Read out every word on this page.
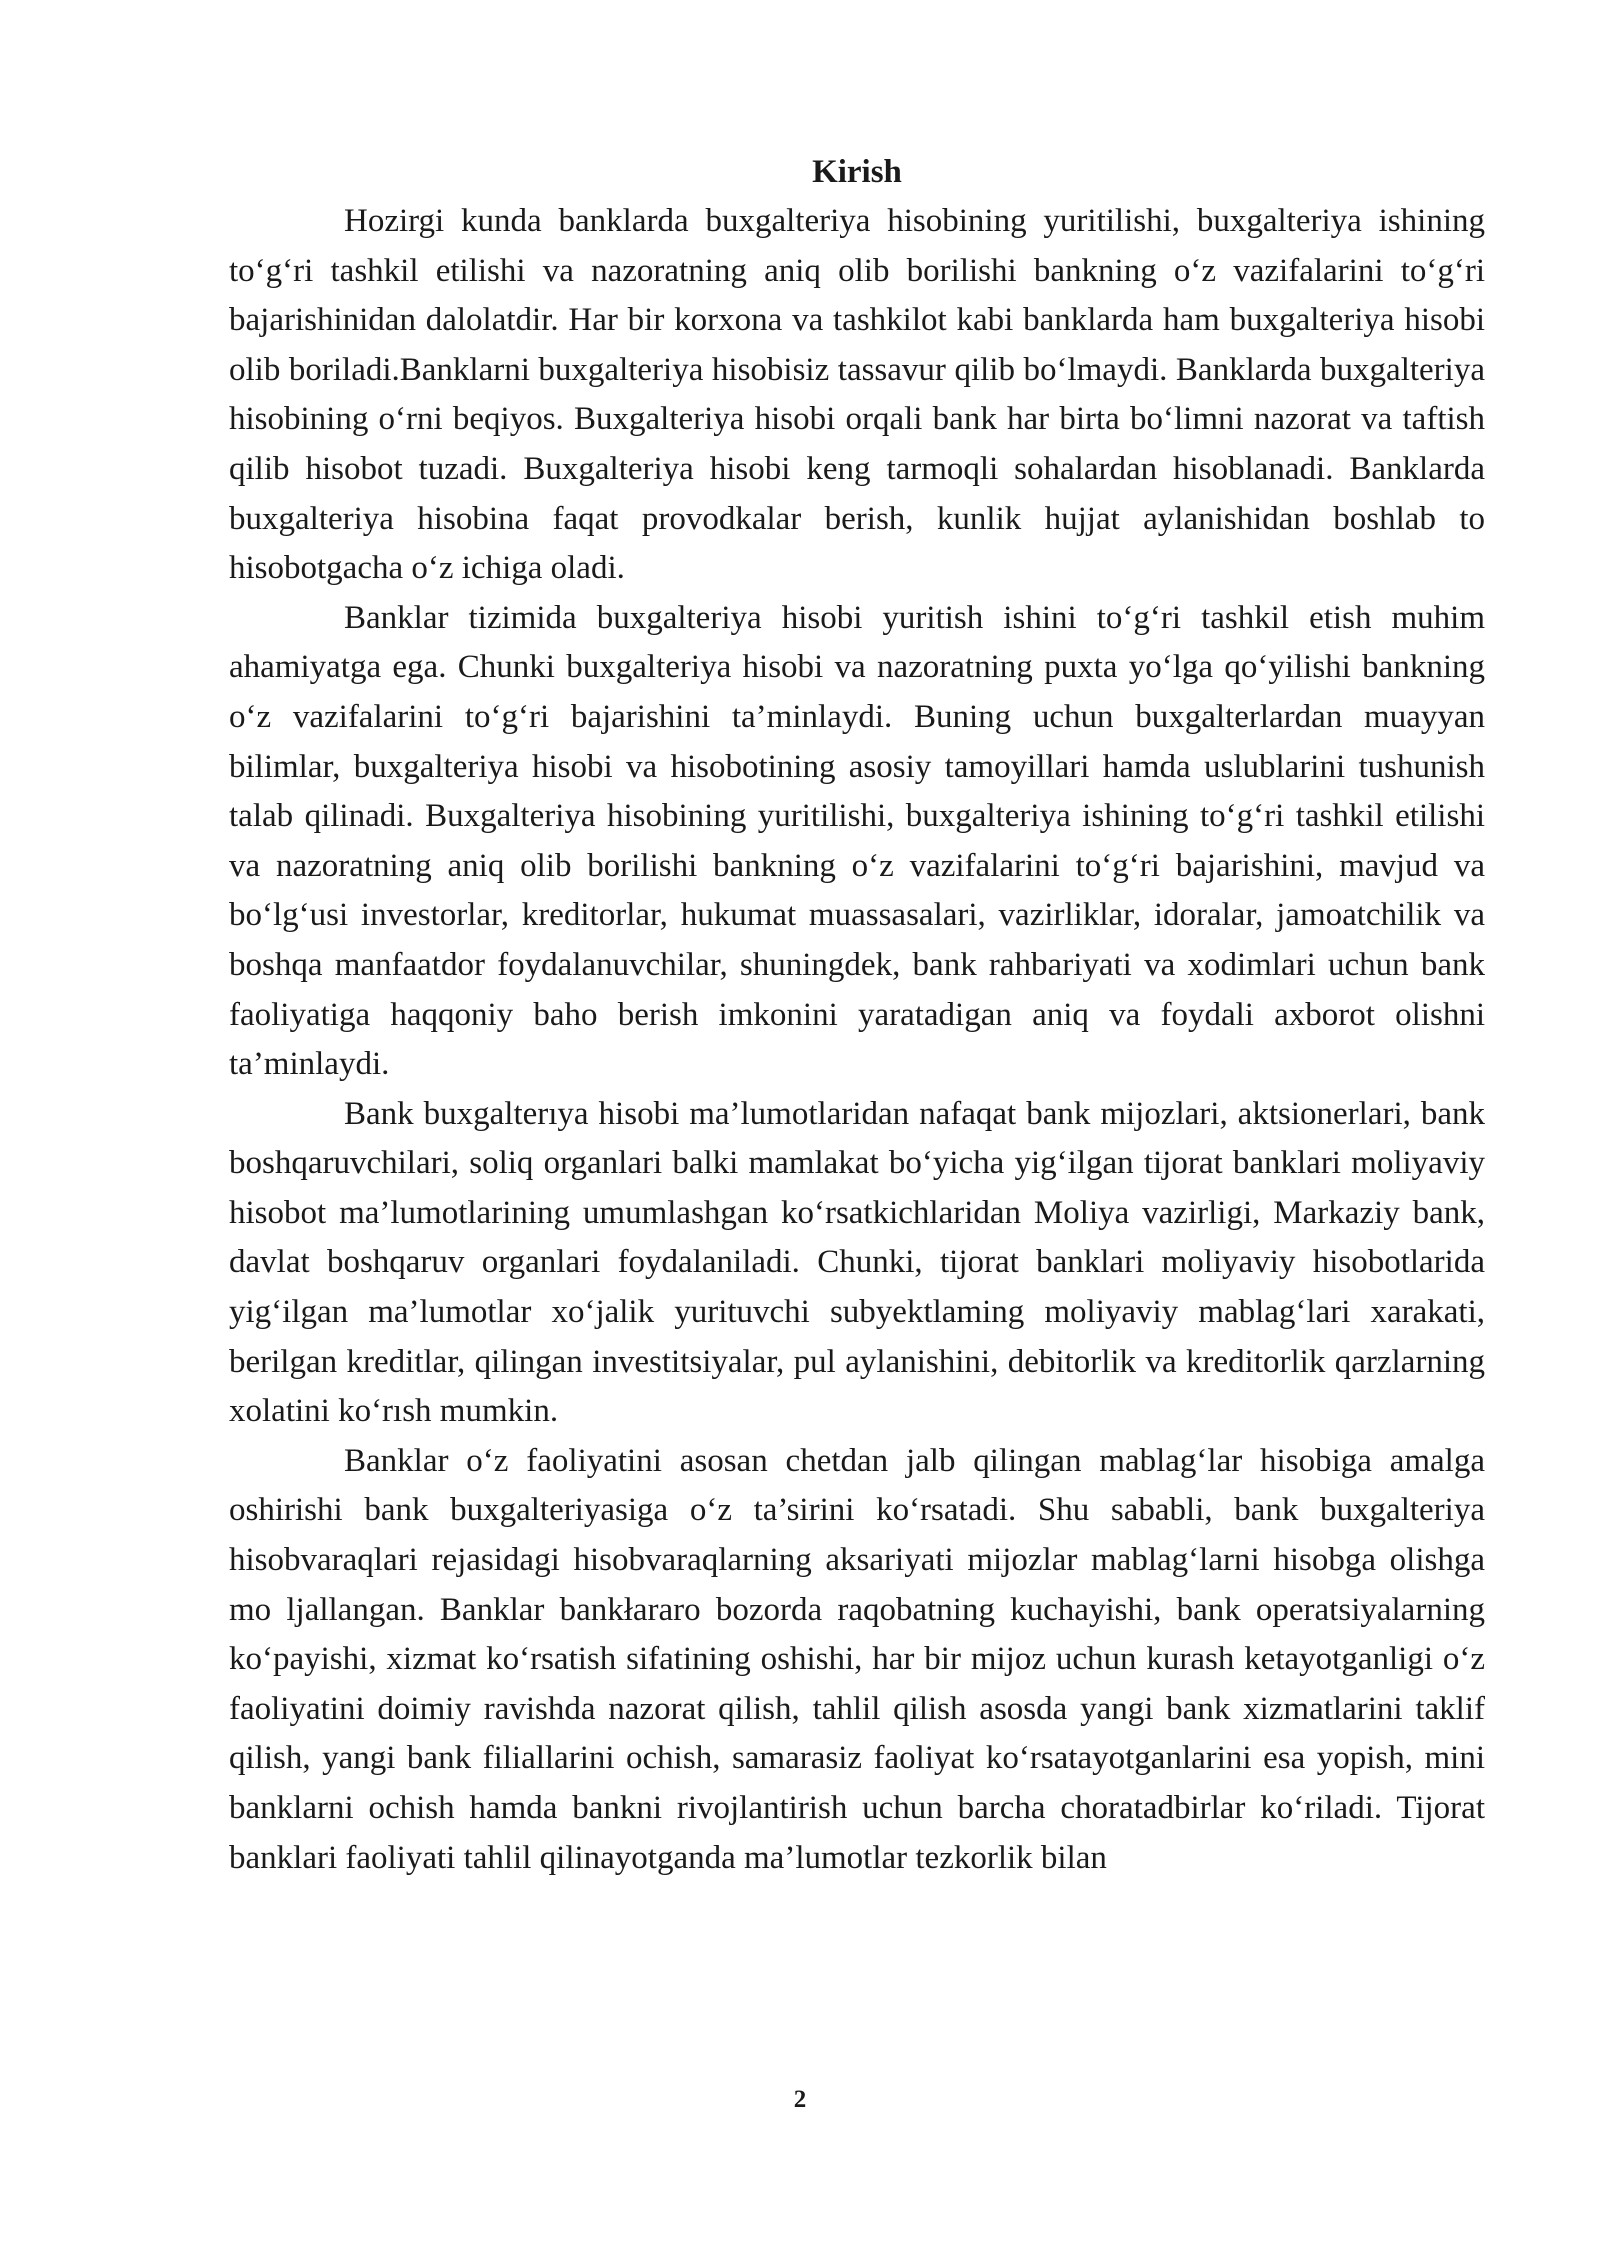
Kirish

Hozirgi kunda banklarda buxgalteriya hisobining yuritilishi, buxgalteriya ishining to‘g‘ri tashkil etilishi va nazoratning aniq olib borilishi bankning o‘z vazifalarini to‘g‘ri bajarishinidan dalolatdir. Har bir korxona va tashkilot kabi banklarda ham buxgalteriya hisobi olib boriladi.Banklarni buxgalteriya hisobisiz tassavur qilib bo‘lmaydi. Banklarda buxgalteriya hisobining o‘rni beqiyos. Buxgalteriya hisobi orqali bank har birta bo‘limni nazorat va taftish qilib hisobot tuzadi. Buxgalteriya hisobi keng tarmoqli sohalardan hisoblanadi. Banklarda buxgalteriya hisobina faqat provodkalar berish, kunlik hujjat aylanishidan boshlab to hisobotgacha o‘z ichiga oladi.

Banklar tizimida buxgalteriya hisobi yuritish ishini to‘g‘ri tashkil etish muhim ahamiyatga ega. Chunki buxgalteriya hisobi va nazoratning puxta yo‘lga qo‘yilishi bankning o‘z vazifalarini to‘g‘ri bajarishini ta’minlaydi. Buning uchun buxgalterlardan muayyan bilimlar, buxgalteriya hisobi va hisobotining asosiy tamoyillari hamda uslublarini tushunish talab qilinadi. Buxgalteriya hisobining yuritilishi, buxgalteriya ishining to‘g‘ri tashkil etilishi va nazoratning aniq olib borilishi bankning o‘z vazifalarini to‘g‘ri bajarishini, mavjud va bo‘lg‘usi investorlar, kreditorlar, hukumat muassasalari, vazirliklar, idoralar, jamoatchilik va boshqa manfaatdor foydalanuvchilar, shuningdek, bank rahbariyati va xodimlari uchun bank faoliyatiga haqqoniy baho berish imkonini yaratadigan aniq va foydali axborot olishni ta’minlaydi.

Bank buxgalterıya hisobi ma’lumotlaridan nafaqat bank mijozlari, aktsionerlari, bank boshqaruvchilari, soliq organlari balki mamlakat bo‘yicha yig‘ilgan tijorat banklari moliyaviy hisobot ma’lumotlarining umumlashgan ko‘rsatkichlaridan Moliya vazirligi, Markaziy bank, davlat boshqaruv organlari foydalaniladi. Chunki, tijorat banklari moliyaviy hisobotlarida yig‘ilgan ma’lumotlar xo‘jalik yurituvchi subyektlaming moliyaviy mablag‘lari xarakati, berilgan kreditlar, qilingan investitsiyalar, pul aylanishini, debitorlik va kreditorlik qarzlarning xolatini ko‘rısh mumkin.

Banklar o‘z faoliyatini asosan chetdan jalb qilingan mablag‘lar hisobiga amalga oshirishi bank buxgalteriyasiga o‘z ta’sirini ko‘rsatadi. Shu sababli, bank buxgalteriya hisobvaraqlari rejasidagi hisobvaraqlarning aksariyati mijozlar mablag‘larni hisobga olishga mo ljallangan. Banklar bankłararo bozorda raqobatning kuchayishi, bank operatsiyalarning ko‘payishi, xizmat ko‘rsatish sifatining oshishi, har bir mijoz uchun kurash ketayotganligi o‘z faoliyatini doimiy ravishda nazorat qilish, tahlil qilish asosda yangi bank xizmatlarini taklif qilish, yangi bank filiallarini ochish, samarasiz faoliyat ko‘rsatayotganlarini esa yopish, mini banklarni ochish hamda bankni rivojlantirish uchun barcha choratadbirlar ko‘riladi. Tijorat banklari faoliyati tahlil qilinayotganda ma’lumotlar tezkorlik bilan

2
